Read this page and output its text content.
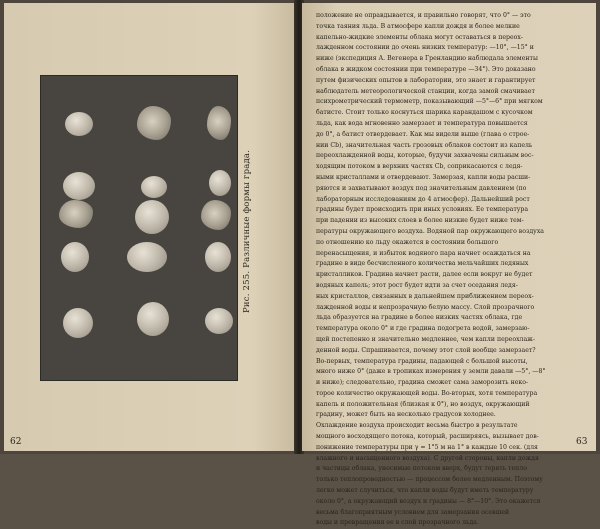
Рис. 255. Различные формы града.
62
положение не оправдывается, и правильно говорят, что 0° — это
точка таяния льда. В атмосфере капли дождя и более мелкие
капельно-жидкие элементы облака могут оставаться в переох-
лажденном состоянии до очень низких температур: —10°, —15° и
ниже (экспедиция А. Вегенера в Гренландию наблюдала элементы
облака в жидком состоянии при температуре —34°). Это доказано
путем физических опытов в лаборатории, это знает и гарантирует
наблюдатель метеорологической станции, когда замой смачивает
психрометрический термометр, показывающий —5°—6° при мягком
батисте. Стоит только коснуться шарика карандашом с кусочком
льда, как вода мгновенно замерзает и температура повышается
до 0°, а батист отвердевает. Как мы видели выше (глава о строе-
нии Cb), значительная часть грозовых облаков состоит из капель
переохлажденной воды, которые, будучи захвачены сильным вос-
ходящим потоком в верхних частях Cb, соприкасаются с ледя-
ными кристаллами и отвердевают. Замерзая, капли воды расши-
ряются и захватывают воздух под значительным давлением (по
лабораторным исследованиям до 4 атмосфер). Дальнейший рост
градины будет происходить при иных условиях. Ее температура
при падении из высоких слоев в более низкие будет ниже тем-
пературы окружающего воздуха. Водяной пар окружающего воздуха
по отношению ко льду окажется в состоянии большого
перенасыщения, и избыток водяного пара начнет осаждаться на
градине в виде бесчисленного количества мельчайших ледяных
кристалликов. Градина начнет расти, далее если вокруг не будет
водяных капель; этот рост будет идти за счет оседания ледя-
ных кристаллов, связанных в дальнейшем приближением переох-
лажденной воды и непрозрачную белую массу. Слой прозрачного
льда образуется на градине в более низких частях облака, где
температура около 0° и где градина подогрета водой, замерзаю-
щей постепенно и значительно медленнее, чем капли переохлаж-
денной воды. Спрашивается, почему этот слой вообще замерзает?
Во-первых, температура градины, падающей с большой высоты,
много ниже 0° (даже в тропиках измерения у земли давали —5°, —8°
и ниже); следовательно, градина сможет сама заморозить неко-
торое количество окружающей воды. Во-вторых, хотя температура
капель и положительная (близкая к 0°), но воздух, окружающий
градину, может быть на несколько градусов холоднее.
Охлаждение воздуха происходит весьма быстро в результате
мощного восходящего потока, который, расширяясь, вызывает дов-
понижение температуры при γ = 1°5 м на 1° в каждые 10 сек. (для
влажного и насыщенного воздуха). С другой стороны, капли дождя
и частицы облака, уносимые потоком вверх, будут терять тепло
только теплопроводностью — процессом более медленным. Поэтому
легко может случиться, что капли воды будут иметь температуру
около 0°, а окружающий воздух и градины — 8°—10°. Это окажется
весьма благоприятным условием для замерзания осевшей
воды и превращения ее в слой прозрачного льда.
63
